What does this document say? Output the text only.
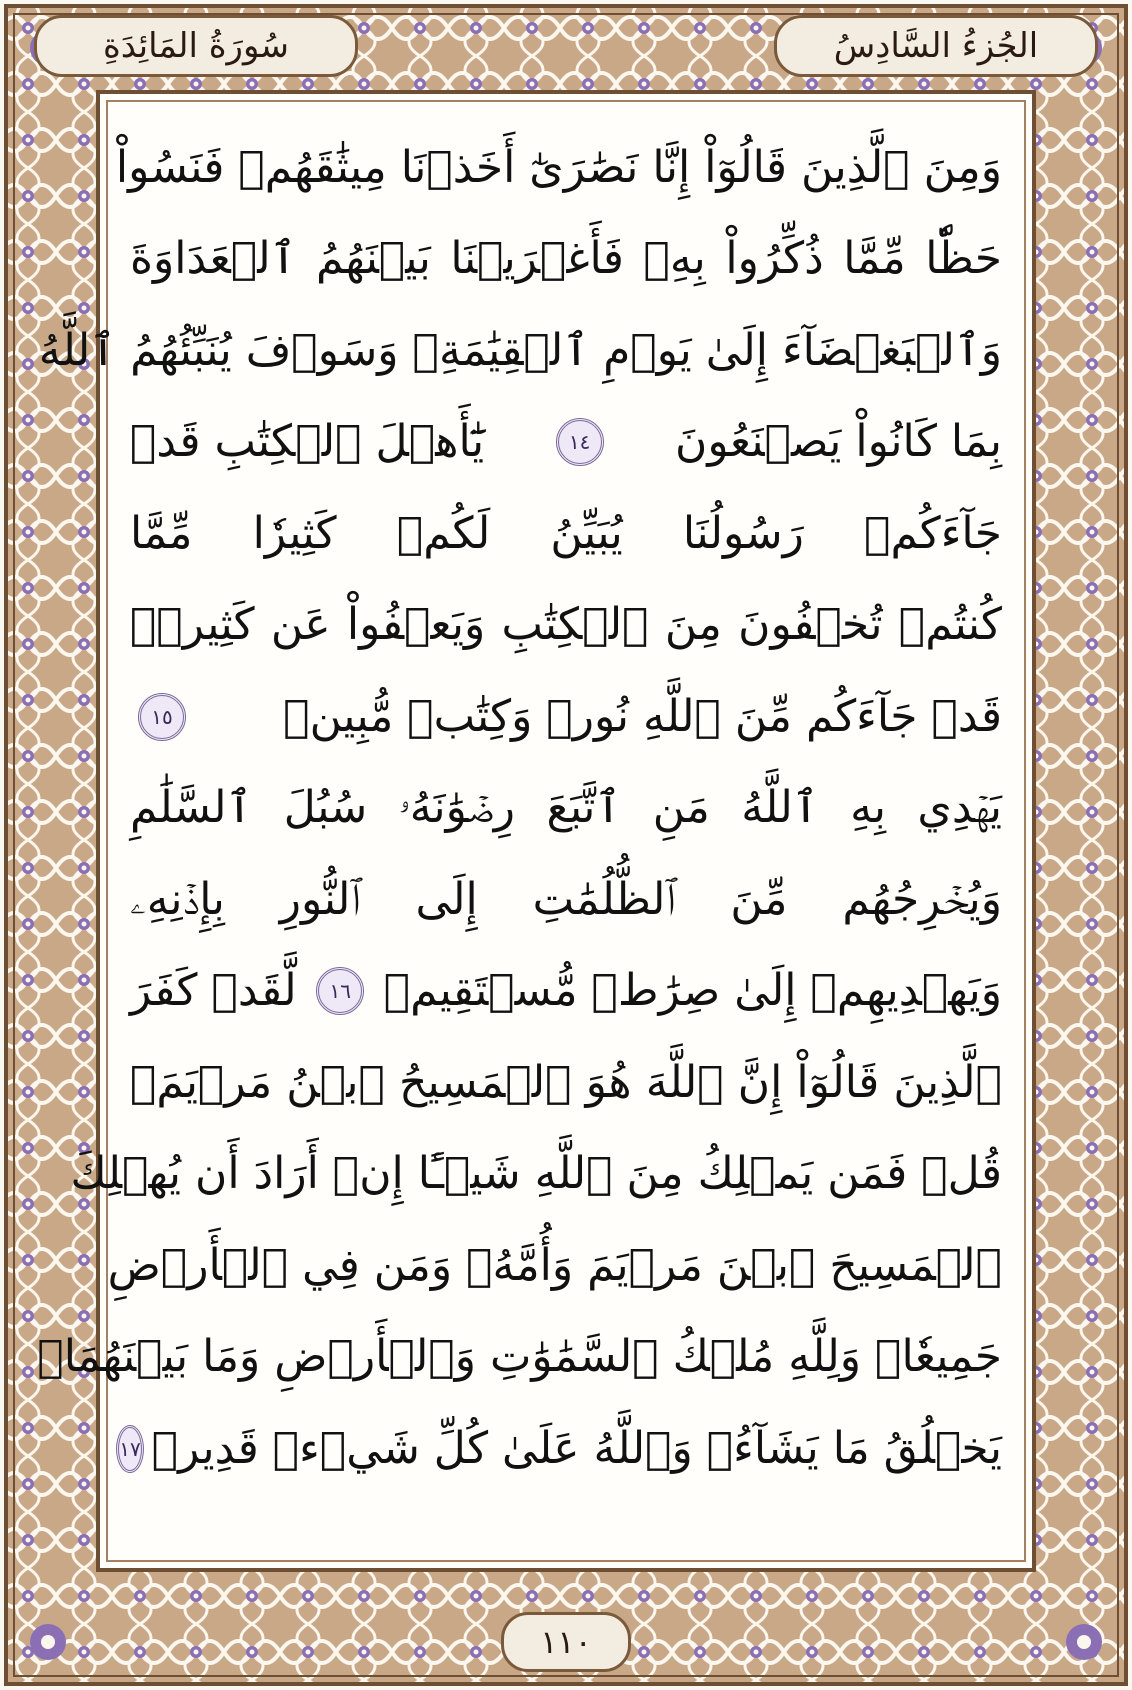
سُورَةُ المَائِدَةِ	الجُزءُ السَّادِسُ
وَمِنَ ٱلَّذِينَ قَالُوٓاْ إِنَّا نَصَٰرَىٰٓ أَخَذۡنَا مِيثَٰقَهُمۡ فَنَسُواْ
حَظّٗا مِّمَّا ذُكِّرُواْ بِهِۦ فَأَغۡرَيۡنَا بَيۡنَهُمُ ٱلۡعَدَاوَةَ
وَٱلۡبَغۡضَآءَ إِلَىٰ يَوۡمِ ٱلۡقِيَٰمَةِۚ وَسَوۡفَ يُنَبِّئُهُمُ ٱللَّهُ
بِمَا كَانُواْ يَصۡنَعُونَ
١٤
يَٰٓأَهۡلَ ٱلۡكِتَٰبِ قَدۡ
جَآءَكُمۡ رَسُولُنَا يُبَيِّنُ لَكُمۡ كَثِيرٗا مِّمَّا
كُنتُمۡ تُخۡفُونَ مِنَ ٱلۡكِتَٰبِ وَيَعۡفُواْ عَن كَثِيرٖۚ
قَدۡ جَآءَكُم مِّنَ ٱللَّهِ نُورٞ وَكِتَٰبٞ مُّبِينٞ
١٥
يَهۡدِي بِهِ ٱللَّهُ مَنِ ٱتَّبَعَ رِضۡوَٰنَهُۥ سُبُلَ ٱلسَّلَٰمِ
وَيُخۡرِجُهُم مِّنَ ٱلظُّلُمَٰتِ إِلَى ٱلنُّورِ بِإِذۡنِهِۦ
وَيَهۡدِيهِمۡ إِلَىٰ صِرَٰطٖ مُّسۡتَقِيمٖ
١٦
لَّقَدۡ كَفَرَ
ٱلَّذِينَ قَالُوٓاْ إِنَّ ٱللَّهَ هُوَ ٱلۡمَسِيحُ ٱبۡنُ مَرۡيَمَۚ
قُلۡ فَمَن يَمۡلِكُ مِنَ ٱللَّهِ شَيۡـًٔا إِنۡ أَرَادَ أَن يُهۡلِكَ
ٱلۡمَسِيحَ ٱبۡنَ مَرۡيَمَ وَأُمَّهُۥ وَمَن فِي ٱلۡأَرۡضِ
جَمِيعٗاۗ وَلِلَّهِ مُلۡكُ ٱلسَّمَٰوَٰتِ وَٱلۡأَرۡضِ وَمَا بَيۡنَهُمَاۚ
يَخۡلُقُ مَا يَشَآءُۚ وَٱللَّهُ عَلَىٰ كُلِّ شَيۡءٖ قَدِيرٞ
١٧
١١٠
